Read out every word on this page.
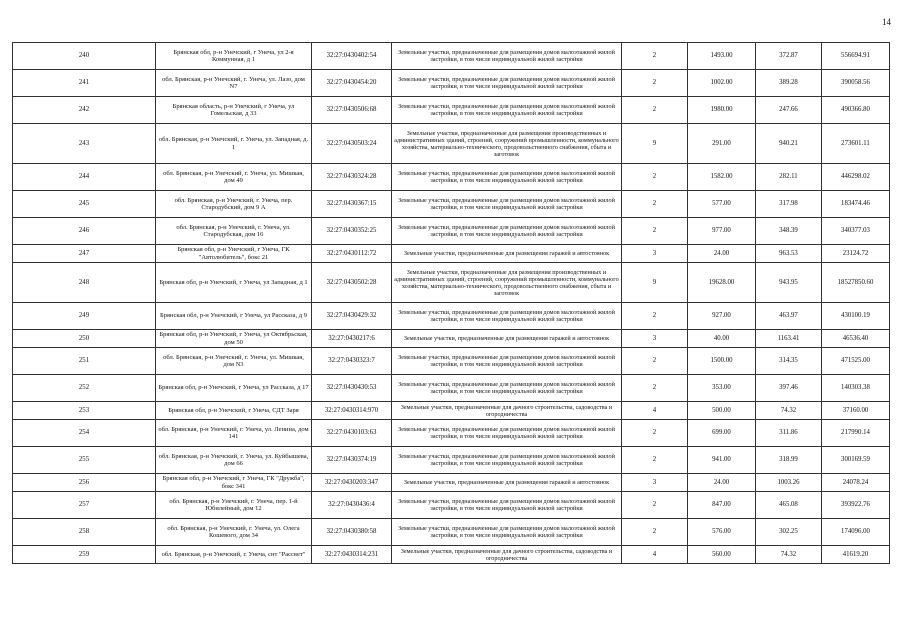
14
240	Брянская обл, р-н Унечский, г Унеча, ул 2-я Коммунная, д 1	32:27:0430402:54	Земельные участки, предназначенные для размещения домов малоэтажной жилой застройки, в том числе индивидуальной жилой застройки	2	1493.00	372.87	556694.91
241	обл. Брянская, р-н Унечский, г. Унеча, ул. Лазо, дом N7	32:27:0430454:20	Земельные участки, предназначенные для размещения домов малоэтажной жилой застройки, в том числе индивидуальной жилой застройки	2	1002.00	389.28	390058.56
242	Брянская область, р-н Унечский, г Унеча, ул Гомельская, д 33	32:27:0430506:68	Земельные участки, предназначенные для размещения домов малоэтажной жилой застройки, в том числе индивидуальной жилой застройки	2	1980.00	247.66	490366.80
243	обл. Брянская, р-н Унечский, г. Унеча, ул. Западная, д. 1	32:27:0430503:24	Земельные участки, предназначенные для размещения производственных и административных зданий, строений, сооружений промышленности, коммунального хозяйства, материально-технического, продовольственного снабжения, сбыта и заготовок	9	291.00	940.21	273601.11
244	обл. Брянская, р-н Унечский, г. Унеча, ул. Мишкая, дом 49	32:27:0430324:28	Земельные участки, предназначенные для размещения домов малоэтажной жилой застройки, в том числе индивидуальной жилой застройки	2	1582.00	282.11	446298.02
245	обл. Брянская, р-н Унечский, г. Унеча, пер. Стародубский, дом 9 А	32:27:0430367:15	Земельные участки, предназначенные для размещения домов малоэтажной жилой застройки, в том числе индивидуальной жилой застройки	2	577.00	317.98	183474.46
246	обл. Брянская, р-н Унечский, г. Унеча, ул. Стародубская, дом 16	32:27:0430352:25	Земельные участки, предназначенные для размещения домов малоэтажной жилой застройки, в том числе индивидуальной жилой застройки	2	977.00	348.39	340377.03
247	Брянская обл, р-н Унечский, г Унеча, ГК "Автолюбитель", бокс 21	32:27:0430112:72	Земельные участки, предназначенные для размещения гаражей и автостоянок	3	24.00	963.53	23124.72
248	Брянская обл, р-н Унечский, г Унеча, ул Западная, д 1	32:27:0430502:28	Земельные участки, предназначенные для размещения производственных и административных зданий, строений, сооружений промышленности, коммунального хозяйства, материально-технического, продовольственного снабжения, сбыта и заготовок	9	19628.00	943.95	18527850.60
249	Брянская обл, р-н Унечский, г Унеча, ул Рассказа, д 9	32:27:0430429:32	Земельные участки, предназначенные для размещения домов малоэтажной жилой застройки, в том числе индивидуальной жилой застройки	2	927.00	463.97	430100.19
250	Брянская обл, р-н Унечский, г Унеча, ул Октябрьская, дом 50	32:27:0430217:6	Земельные участки, предназначенные для размещения гаражей и автостоянок	3	40.00	1163.41	46536.40
251	обл. Брянская, р-н Унечский, г. Унеча, ул. Мишкая, дом N3	32:27:0430323:7	Земельные участки, предназначенные для размещения домов малоэтажной жилой застройки, в том числе индивидуальной жилой застройки	2	1500.00	314.35	471525.00
252	Брянская обл, р-н Унечский, г Унеча, ул Рассказа, д 17	32:27:0430430:53	Земельные участки, предназначенные для размещения домов малоэтажной жилой застройки, в том числе индивидуальной жилой застройки	2	353.00	397.46	140303.38
253	Брянская обл, р-н Унечский, г Унеча, СДТ Заря	32:27:0430314:970	Земельные участки, предназначенные для дачного строительства, садоводства и огородничества	4	500.00	74.32	37160.00
254	обл. Брянская, р-н Унечский, г. Унеча, ул. Ленина, дом 141	32:27:0430103:63	Земельные участки, предназначенные для размещения домов малоэтажной жилой застройки, в том числе индивидуальной жилой застройки	2	699.00	311.86	217990.14
255	обл. Брянская, р-н Унечский, г. Унеча, ул. Куйбышева, дом 66	32:27:0430374:19	Земельные участки, предназначенные для размещения домов малоэтажной жилой застройки, в том числе индивидуальной жилой застройки	2	941.00	318.99	300169.59
256	Брянская обл, р-н Унечский, г Унеча, ГК "Дружба", бокс 341	32:27:0430203:347	Земельные участки, предназначенные для размещения гаражей и автостоянок	3	24.00	1003.26	24078.24
257	обл. Брянская, р-н Унечский, г. Унеча, пер. 1-й Юбилейный, дом 12	32:27:0430436:4	Земельные участки, предназначенные для размещения домов малоэтажной жилой застройки, в том числе индивидуальной жилой застройки	2	847.00	465.08	393922.76
258	обл. Брянская, р-н Унечский, г. Унеча, ул. Олега Кошевого, дом 34	32:27:0430380:58	Земельные участки, предназначенные для размещения домов малоэтажной жилой застройки, в том числе индивидуальной жилой застройки	2	576.00	302.25	174096.00
259	обл. Брянская, р-н Унечский, г. Унеча, снт "Рассвет"	32:27:0430314:231	Земельные участки, предназначенные для дачного строительства, садоводства и огородничества	4	560.00	74.32	41619.20
